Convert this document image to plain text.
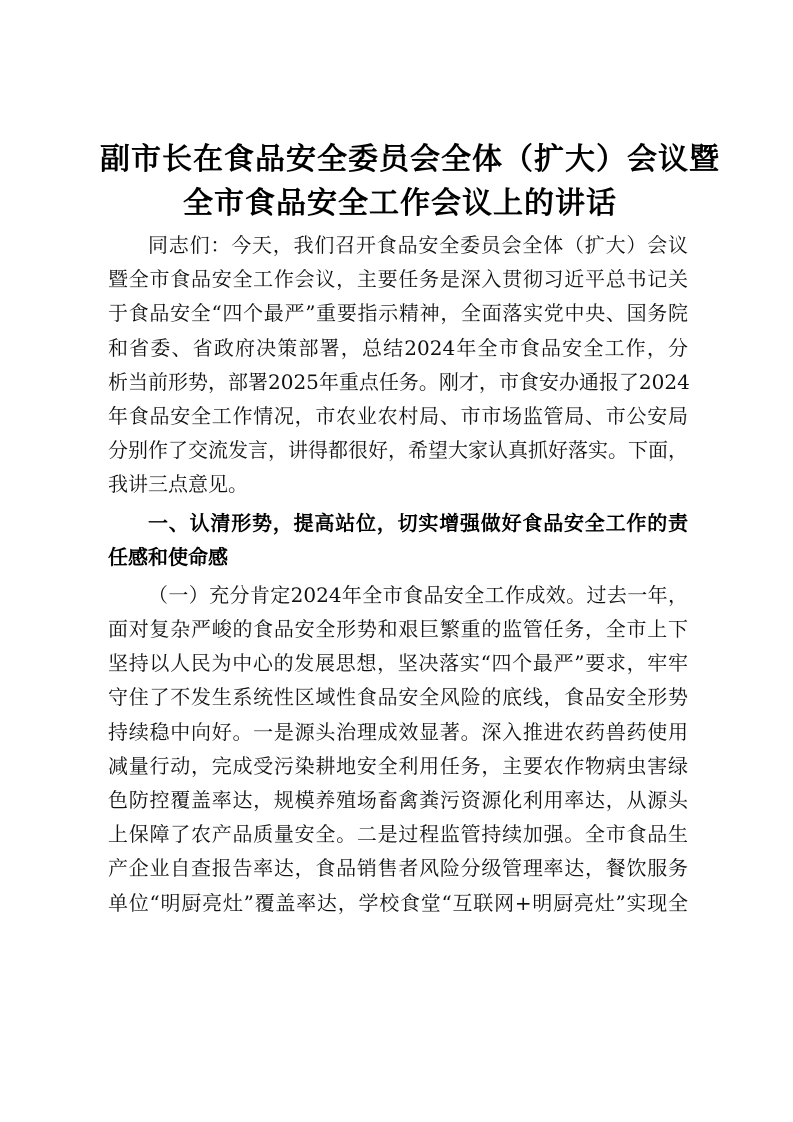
副市长在食品安全委员会全体（扩大）会议暨
全市食品安全工作会议上的讲话
同志们：今天，我们召开食品安全委员会全体（扩大）会议
暨全市食品安全工作会议，主要任务是深入贯彻习近平总书记关
于食品安全“四个最严”重要指示精神，全面落实党中央、国务院
和省委、省政府决策部署，总结2024年全市食品安全工作，分
析当前形势，部署2025年重点任务。刚才，市食安办通报了2024
年食品安全工作情况，市农业农村局、市市场监管局、市公安局
分别作了交流发言，讲得都很好，希望大家认真抓好落实。下面，
我讲三点意见。
一、认清形势，提高站位，切实增强做好食品安全工作的责
任感和使命感
（一）充分肯定2024年全市食品安全工作成效。过去一年，
面对复杂严峻的食品安全形势和艰巨繁重的监管任务，全市上下
坚持以人民为中心的发展思想，坚决落实“四个最严”要求，牢牢
守住了不发生系统性区域性食品安全风险的底线，食品安全形势
持续稳中向好。一是源头治理成效显著。深入推进农药兽药使用
减量行动，完成受污染耕地安全利用任务，主要农作物病虫害绿
色防控覆盖率达，规模养殖场畜禽粪污资源化利用率达，从源头
上保障了农产品质量安全。二是过程监管持续加强。全市食品生
产企业自查报告率达，食品销售者风险分级管理率达，餐饮服务
单位“明厨亮灶”覆盖率达，学校食堂“互联网+明厨亮灶”实现全
